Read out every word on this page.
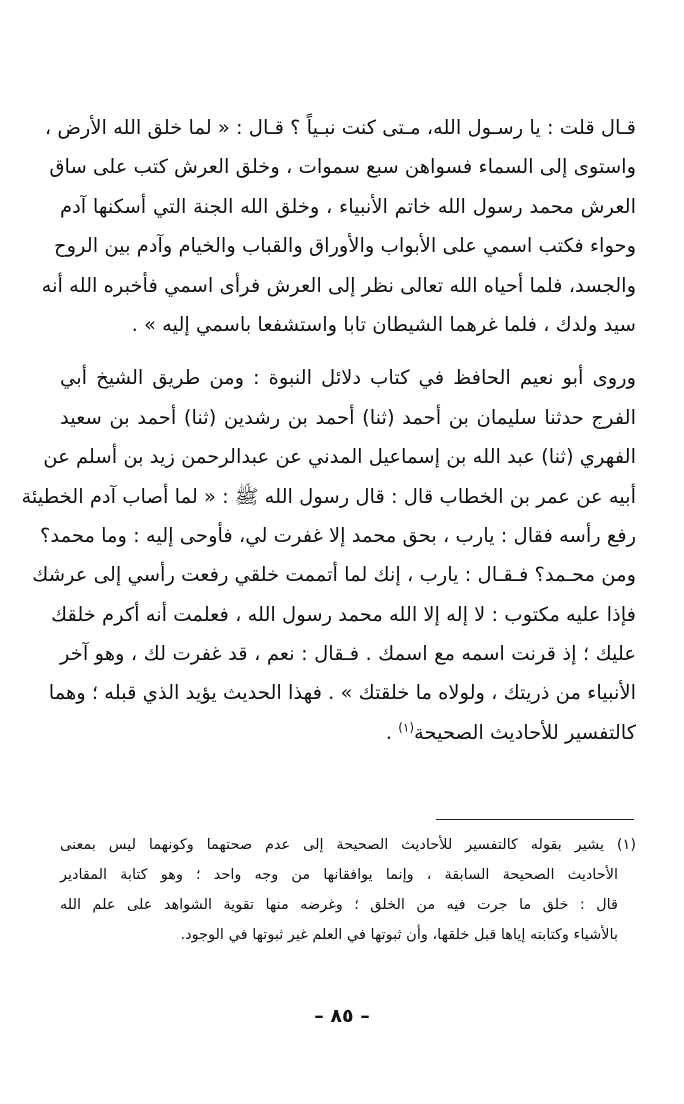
قـال قلت : يا رسـول الله، مـتى كنت نبـياً ؟ قـال : « لما خلق الله الأرض ،
واستوى إلى السماء فسواهن سبع سموات ، وخلق العرش كتب على ساق
العرش محمد رسول الله خاتم الأنبياء ، وخلق الله الجنة التي أسكنها آدم
وحواء فكتب اسمي على الأبواب والأوراق والقباب والخيام وآدم بين الروح
والجسد، فلما أحياه الله تعالى نظر إلى العرش فرأى اسمي فأخبره الله أنه
سيد ولدك ، فلما غرهما الشيطان تابا واستشفعا باسمي إليه » .
وروى أبو نعيم الحافظ في كتاب دلائل النبوة : ومن طريق الشيخ أبي
الفرج حدثنا سليمان بن أحمد (ثنا) أحمد بن رشدين (ثنا) أحمد بن سعيد
الفهري (ثنا) عبد الله بن إسماعيل المدني عن عبدالرحمن زيد بن أسلم عن
أبيه عن عمر بن الخطاب قال : قال رسول الله ﷺ : « لما أصاب آدم الخطيئة
رفع رأسه فقال : يارب ، بحق محمد إلا غفرت لي، فأوحى إليه : وما محمد؟
ومن محـمد؟ فـقـال : يارب ، إنك لما أتممت خلقي رفعت رأسي إلى عرشك
فإذا عليه مكتوب : لا إله إلا الله محمد رسول الله ، فعلمت أنه أكرم خلقك
عليك ؛ إذ قرنت اسمه مع اسمك . فـقال : نعم ، قد غفرت لك ، وهو آخر
الأنبياء من ذريتك ، ولولاه ما خلقتك » . فهذا الحديث يؤيد الذي قبله ؛ وهما
كالتفسير للأحاديث الصحيحة$^{(١)}$ .
(١) يشير بقوله كالتفسير للأحاديث الصحيحة إلى عدم صحتهما وكونهما ليس بمعنى
الأحاديث الصحيحة السابقة ، وإنما يوافقانها من وجه واحد ؛ وهو كتابة المقادير
قال : خلق ما جرت فيه من الخلق ؛ وغرضه منها تقوية الشواهد على علم الله
بالأشياء وكتابته إياها قبل خلقها، وأن ثبوتها في العلم غير ثبوتها في الوجود.
– ٨٥ –
